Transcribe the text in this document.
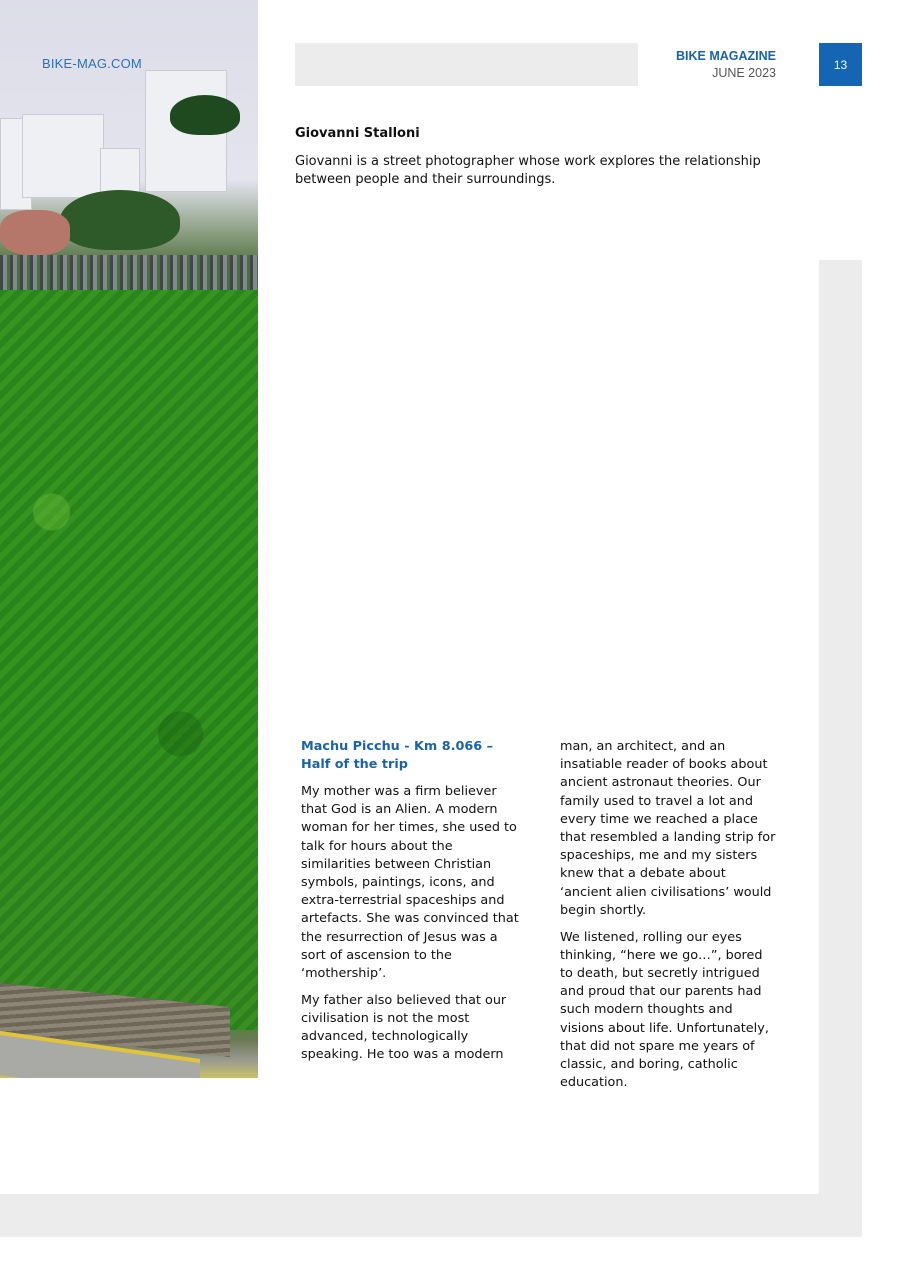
BIKE-MAG.COM	BIKE MAGAZINE
JUNE 2023
13
Giovanni Stalloni
Giovanni is a street photographer whose work explores the relationship between people and their surroundings.
Machu Picchu - Km 8.066 – Half of the trip

My mother was a firm believer that God is an Alien. A modern woman for her times, she used to talk for hours about the similarities between Christian symbols, paintings, icons, and extra-terrestrial spaceships and artefacts. She was convinced that the resurrection of Jesus was a sort of ascension to the ‘mothership’.

My father also believed that our civilisation is not the most advanced, technologically speaking. He too was a modern

man, an architect, and an insatiable reader of books about ancient astronaut theories. Our family used to travel a lot and every time we reached a place that resembled a landing strip for spaceships, me and my sisters knew that a debate about ‘ancient alien civilisations’ would begin shortly.

We listened, rolling our eyes thinking, “here we go…”, bored to death, but secretly intrigued and proud that our parents had such modern thoughts and visions about life. Unfortunately, that did not spare me years of classic, and boring, catholic education.
